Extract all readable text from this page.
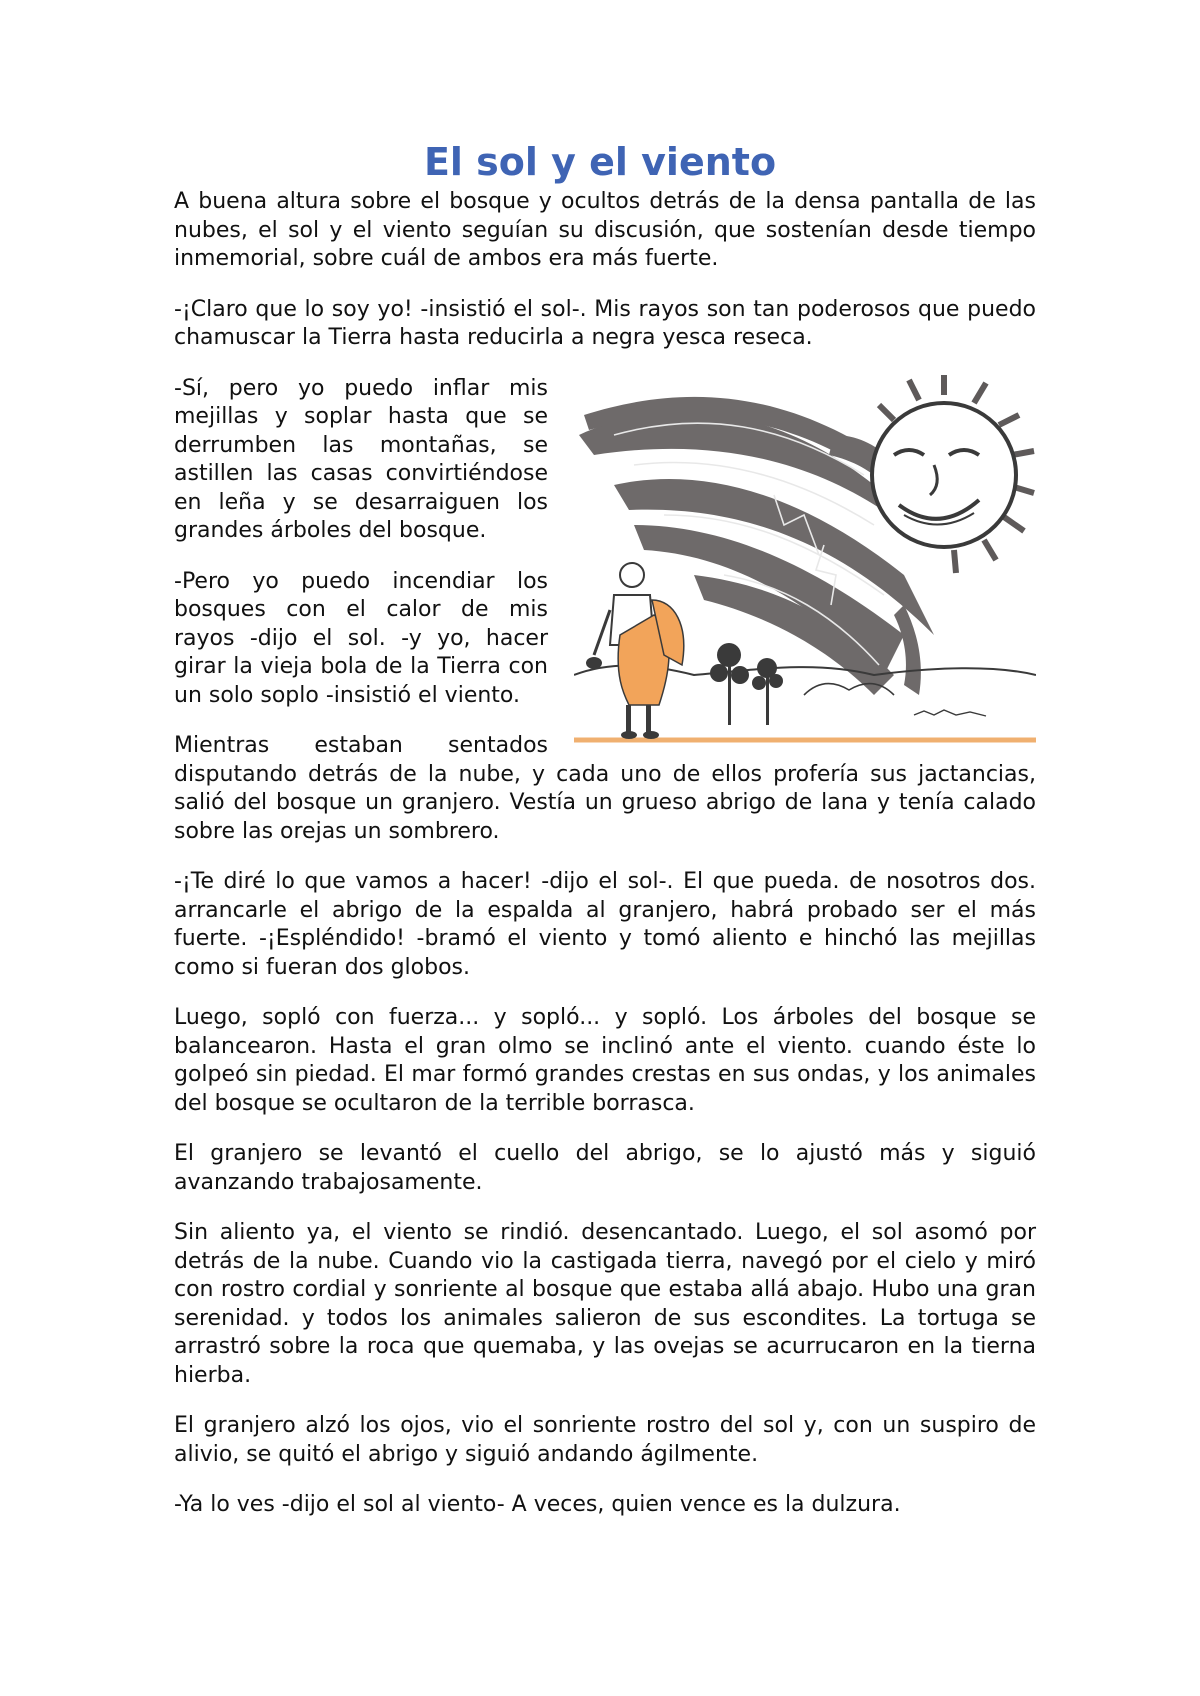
El sol y el viento

A buena altura sobre el bosque y ocultos detrás de la densa pantalla de las nubes, el sol y el viento seguían su discusión, que sostenían desde tiempo inmemorial, sobre cuál de ambos era más fuerte.

-¡Claro que lo soy yo! -insistió el sol-. Mis rayos son tan poderosos que puedo chamuscar la Tierra hasta reducirla a negra yesca reseca.

-Sí, pero yo puedo inflar mis mejillas y soplar hasta que se derrumben las montañas, se astillen las casas convirtiéndose en leña y se desarraiguen los grandes árboles del bosque.

-Pero yo puedo incendiar los bosques con el calor de mis rayos -dijo el sol. -y yo, hacer girar la vieja bola de la Tierra con un solo soplo -insistió el viento.

Mientras estaban sentados disputando detrás de la nube, y cada uno de ellos profería sus jactancias, salió del bosque un granjero. Vestía un grueso abrigo de lana y tenía calado sobre las orejas un sombrero.

-¡Te diré lo que vamos a hacer! -dijo el sol-. El que pueda. de nosotros dos. arrancarle el abrigo de la espalda al granjero, habrá probado ser el más fuerte. -¡Espléndido! -bramó el viento y tomó aliento e hinchó las mejillas como si fueran dos globos.

Luego, sopló con fuerza... y sopló... y sopló. Los árboles del bosque se balancearon. Hasta el gran olmo se inclinó ante el viento. cuando éste lo golpeó sin piedad. El mar formó grandes crestas en sus ondas, y los animales del bosque se ocultaron de la terrible borrasca.

El granjero se levantó el cuello del abrigo, se lo ajustó más y siguió avanzando trabajosamente.

Sin aliento ya, el viento se rindió. desencantado. Luego, el sol asomó por detrás de la nube. Cuando vio la castigada tierra, navegó por el cielo y miró con rostro cordial y sonriente al bosque que estaba allá abajo. Hubo una gran serenidad. y todos los animales salieron de sus escondites. La tortuga se arrastró sobre la roca que quemaba, y las ovejas se acurrucaron en la tierna hierba.

El granjero alzó los ojos, vio el sonriente rostro del sol y, con un suspiro de alivio, se quitó el abrigo y siguió andando ágilmente.

-Ya lo ves -dijo el sol al viento- A veces, quien vence es la dulzura.
